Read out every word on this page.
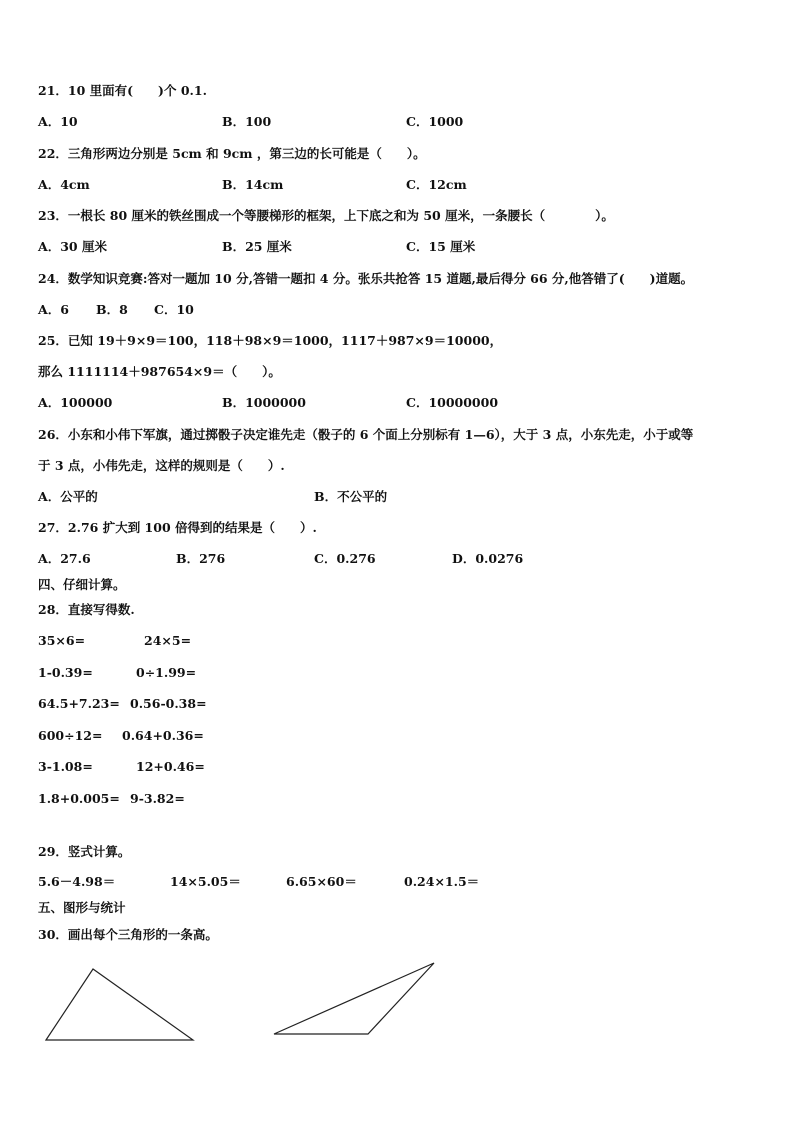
21．10 里面有(　　)个 0.1.
A．10	B．100	C．1000
22．三角形两边分别是 5cm 和 9cm ，第三边的长可能是（　　）。
A．4cm	B．14cm	C．12cm
23．一根长 80 厘米的铁丝围成一个等腰梯形的框架，上下底之和为 50 厘米，一条腰长（　　　　）。
A．30 厘米	B．25 厘米	C．15 厘米
24．数学知识竞赛:答对一题加 10 分,答错一题扣 4 分。张乐共抢答 15 道题,最后得分 66 分,他答错了(　　)道题。
A．6 B．8 C．10
25．已知 19＋9×9＝100，118＋98×9＝1000，1117＋987×9＝10000，
那么 1111114＋987654×9＝（　　）。
A．100000	B．1000000	C．10000000
26．小东和小伟下军旗，通过掷骰子决定谁先走（骰子的 6 个面上分别标有 1—6），大于 3 点，小东先走，小于或等
于 3 点，小伟先走，这样的规则是（　　）.
A．公平的	B．不公平的
27．2.76 扩大到 100 倍得到的结果是（　　）.
A．27.6	B．276	C．0.276	D．0.0276
四、仔细计算。
28．直接写得数.
35×6=	24×5=
1-0.39=	0÷1.99=
64.5+7.23= 0.56-0.38=
600÷12= 0.64+0.36=
3-1.08=	12+0.46=
1.8+0.005= 9-3.82=
29．竖式计算。
5.6－4.98＝	14×5.05＝	6.65×60＝	0.24×1.5＝
五、图形与统计
30．画出每个三角形的一条高。
